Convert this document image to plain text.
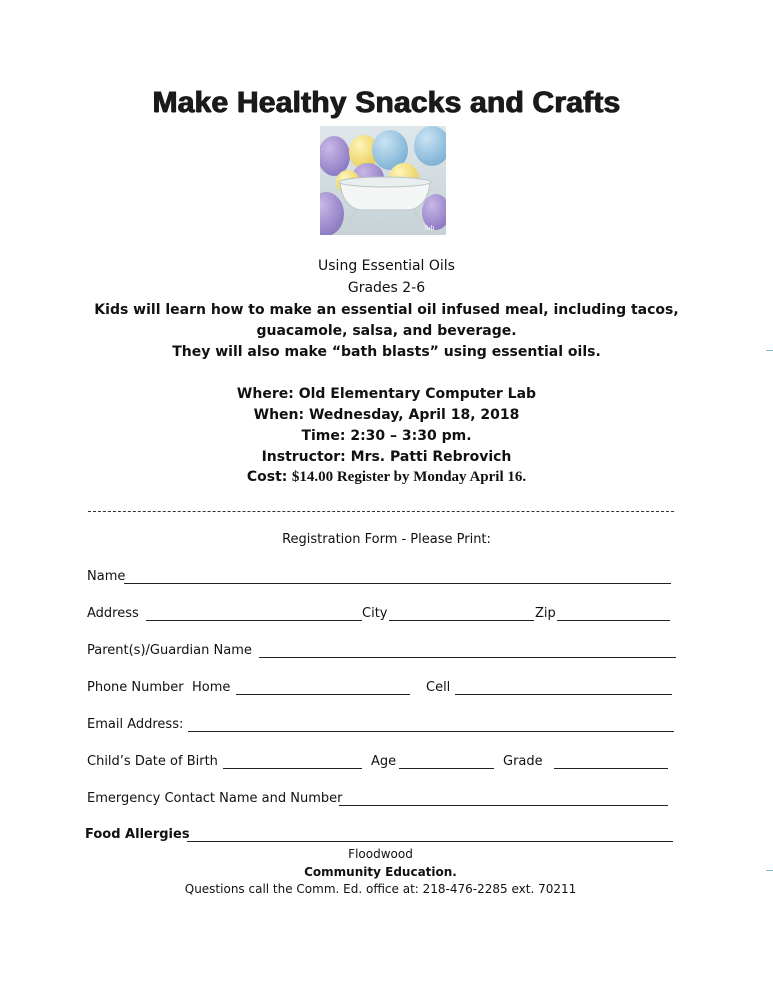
Make Healthy Snacks and Crafts
Tub
Using Essential Oils
Grades 2-6
Kids will learn how to make an essential oil infused meal, including tacos,
guacamole, salsa, and beverage.
They will also make “bath blasts” using essential oils.
Where: Old Elementary Computer Lab
When: Wednesday, April 18, 2018
Time: 2:30 – 3:30 pm.
Instructor: Mrs. Patti Rebrovich
Cost: $14.00 Register by Monday April 16.
Registration Form - Please Print:
Name
Address	City	Zip
Parent(s)/Guardian Name
Phone Number Home	Cell
Email Address:
Child’s Date of Birth	Age	Grade
Emergency Contact Name and Number
Food Allergies
Floodwood
Community Education.
Questions call the Comm. Ed. office at: 218-476-2285 ext. 70211
